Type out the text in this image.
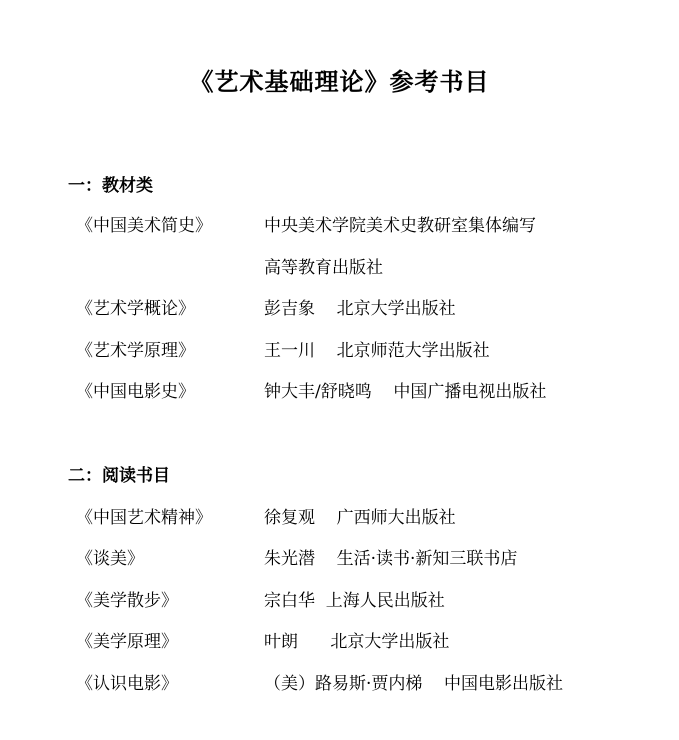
《艺术基础理论》参考书目
一：教材类
《中国美术简史》	中央美术学院美术史教研室集体编写
高等教育出版社
《艺术学概论》	彭吉象    北京大学出版社
《艺术学原理》	王一川    北京师范大学出版社
《中国电影史》	钟大丰/舒晓鸣    中国广播电视出版社
二：阅读书目
《中国艺术精神》	徐复观    广西师大出版社
《谈美》	朱光潜    生活·读书·新知三联书店
《美学散步》	宗白华  上海人民出版社
《美学原理》	叶朗      北京大学出版社
《认识电影》	（美）路易斯·贾内梯    中国电影出版社
